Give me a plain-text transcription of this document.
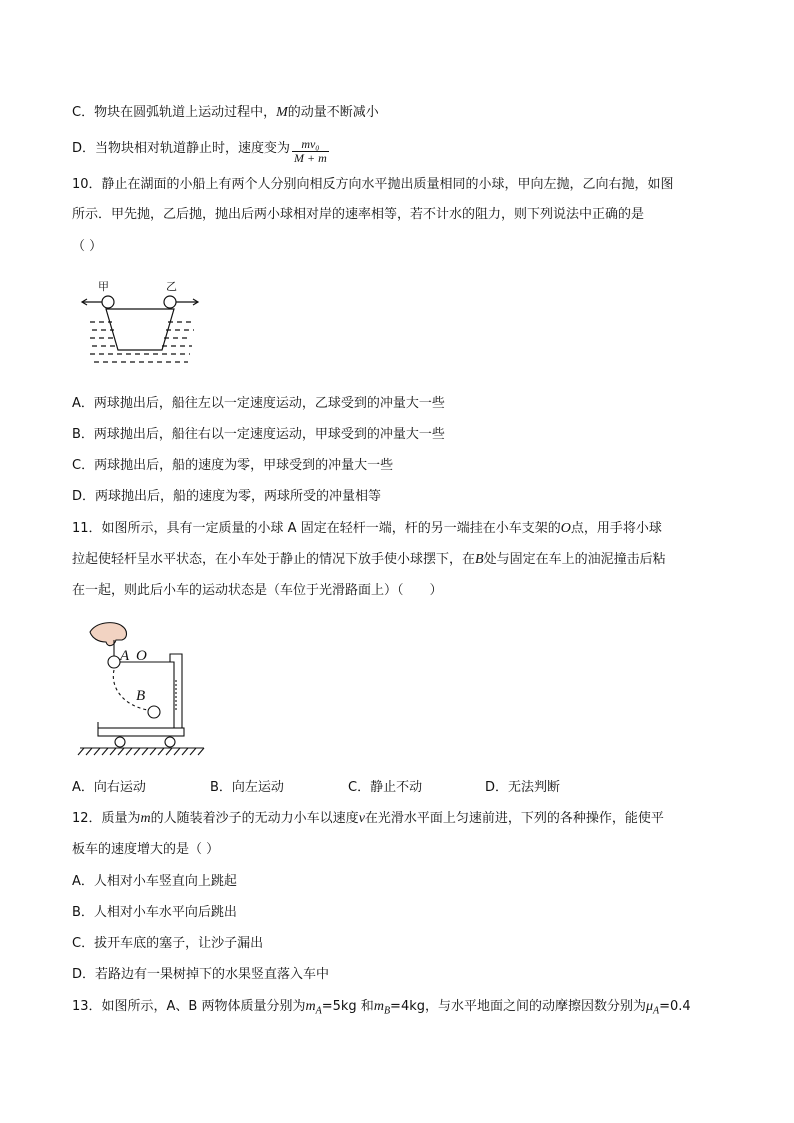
C．物块在圆弧轨道上运动过程中，M的动量不断减小
D．当物块相对轨道静止时，速度变为 $\frac{\text{mv₀}}{M + m}$
10．静止在湖面的小船上有两个人分别向相反方向水平抛出质量相同的小球，甲向左抛，乙向右抛，如图
所示．甲先抛，乙后抛，抛出后两小球相对岸的速率相等，若不计水的阻力，则下列说法中正确的是
（ ）
甲	乙
A．两球抛出后，船往左以一定速度运动，乙球受到的冲量大一些
B．两球抛出后，船往右以一定速度运动，甲球受到的冲量大一些
C．两球抛出后，船的速度为零，甲球受到的冲量大一些
D．两球抛出后，船的速度为零，两球所受的冲量相等
11．如图所示，具有一定质量的小球 A 固定在轻杆一端，杆的另一端挂在小车支架的O点，用手将小球
拉起使轻杆呈水平状态，在小车处于静止的情况下放手使小球摆下，在B处与固定在车上的油泥撞击后粘
在一起，则此后小车的运动状态是（车位于光滑路面上）（　　）
A O
B
A．向右运动	B．向左运动	C．静止不动	D．无法判断
12．质量为m的人随装着沙子的无动力小车以速度v在光滑水平面上匀速前进，下列的各种操作，能使平
板车的速度增大的是（ ）
A．人相对小车竖直向上跳起
B．人相对小车水平向后跳出
C．拔开车底的塞子，让沙子漏出
D．若路边有一果树掉下的水果竖直落入车中
13．如图所示，A、B 两物体质量分别为$m_A=5kg$ 和$m_B=4kg$，与水平地面之间的动摩擦因数分别为$\mu_A=0.4$
